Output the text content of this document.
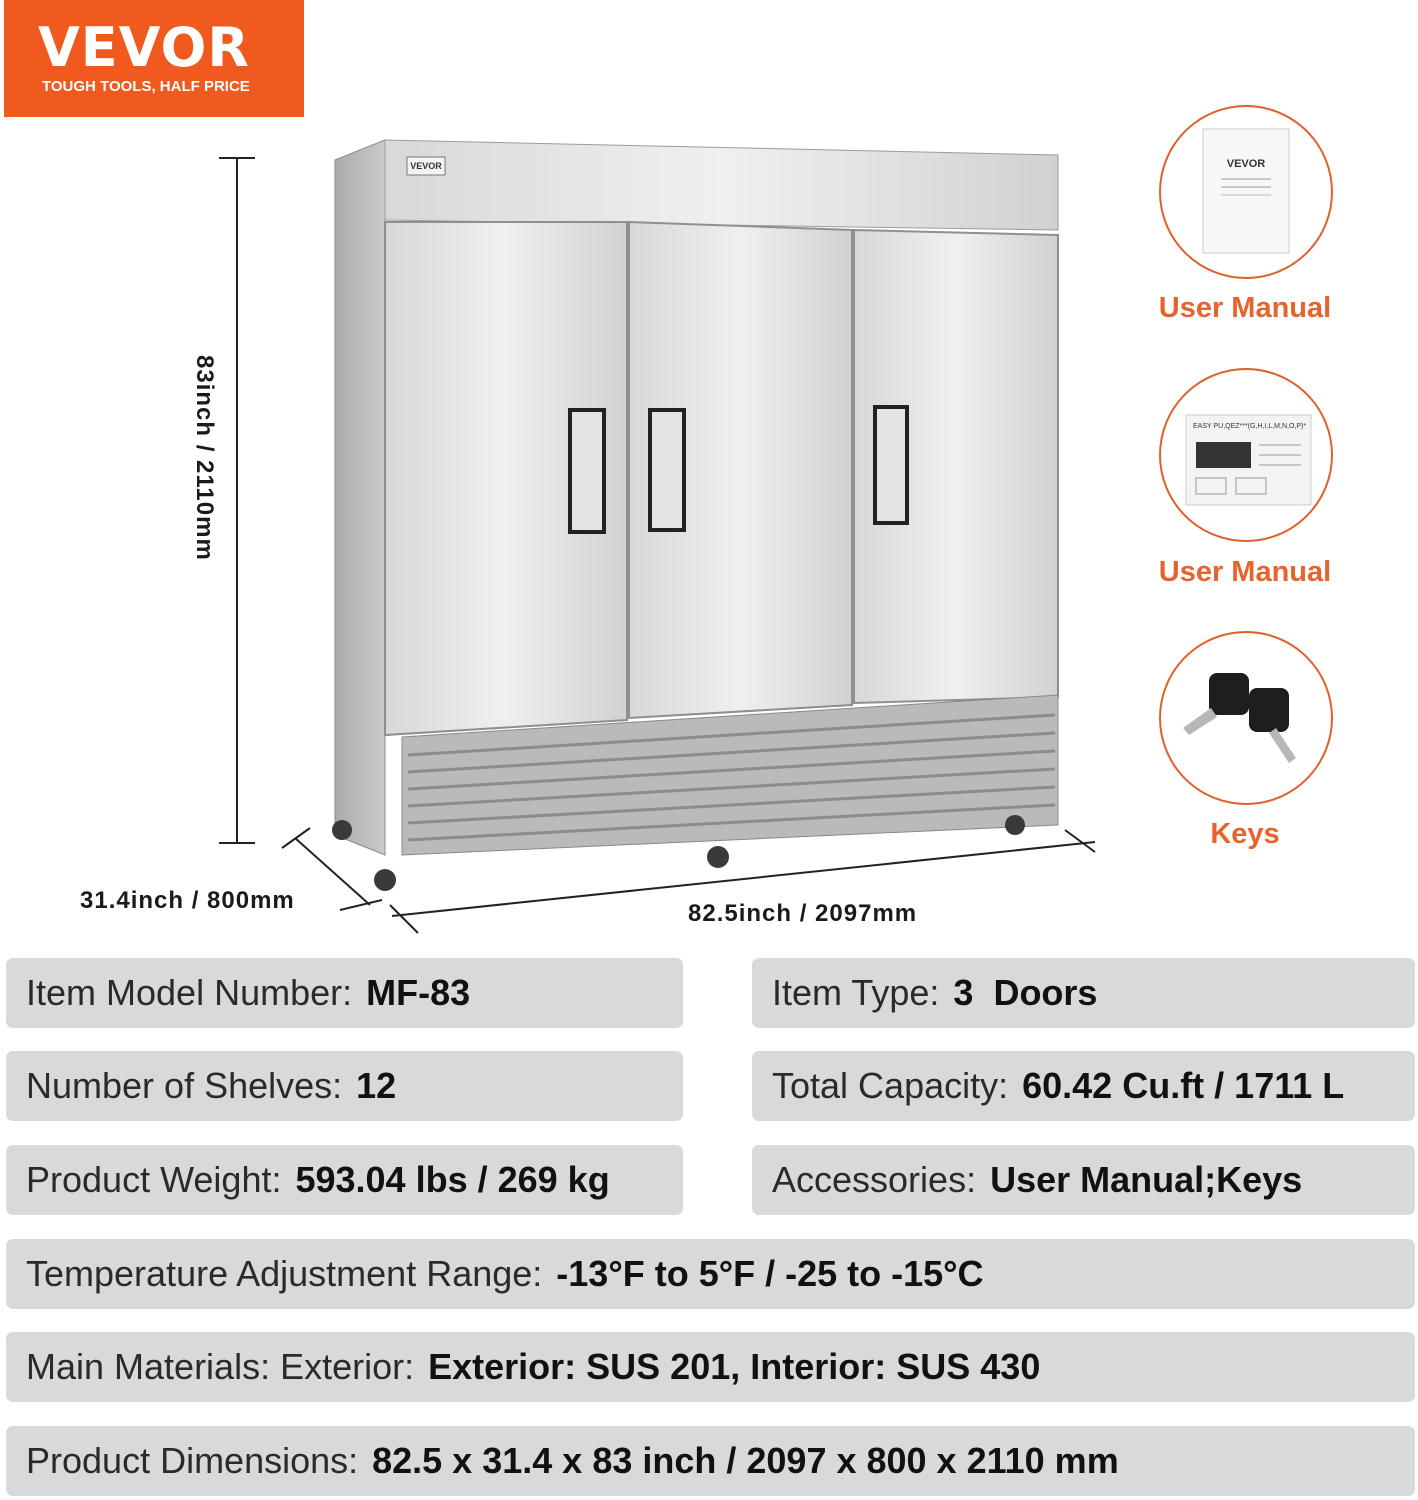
VEVOR
TOUGH TOOLS, HALF PRICE
83inch / 2110mm
31.4inch / 800mm	82.5inch / 2097mm
VEVOR	VEVOR
User Manual
EASY PU,QEZ***(G,H,I,L,M,N,O,P)*
User Manual
Keys
Item Model Number: MF-83	Item Type: 3  Doors
Number of Shelves: 12	Total Capacity: 60.42 Cu.ft / 1711 L
Product Weight: 593.04 lbs / 269 kg	Accessories: User Manual;Keys
Temperature Adjustment Range: -13°F to 5°F / -25 to -15°C
Main Materials: Exterior: Exterior: SUS 201, Interior: SUS 430
Product Dimensions: 82.5 x 31.4 x 83 inch / 2097 x 800 x 2110 mm
